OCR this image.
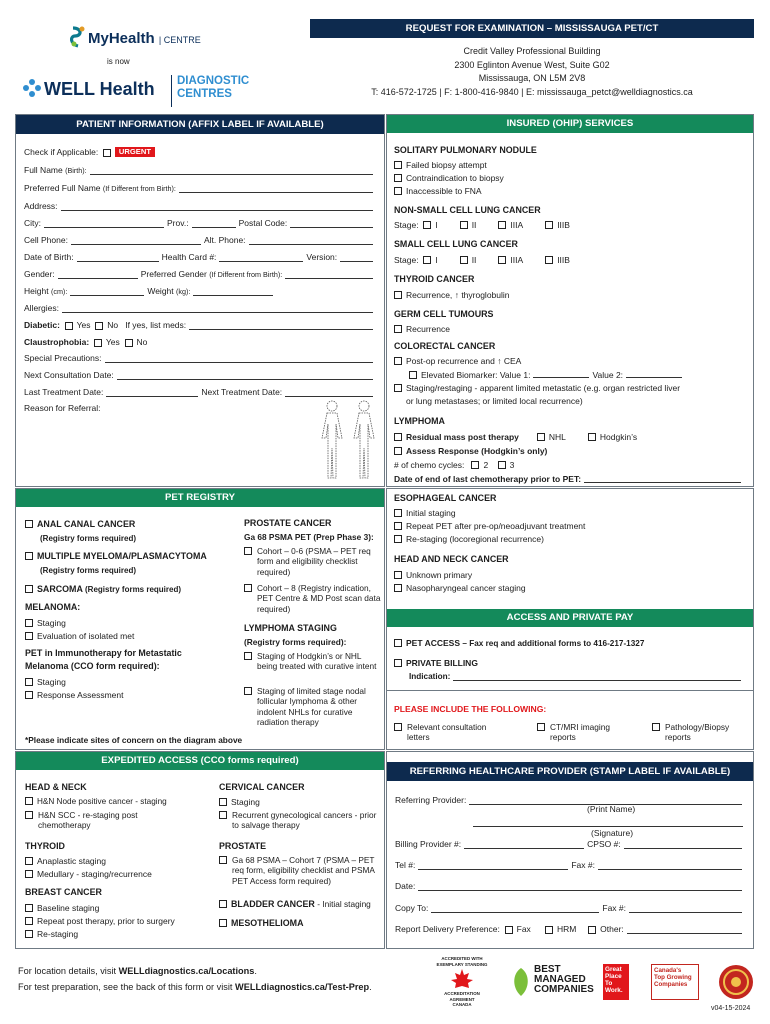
MyHealth | CENTRE
is now
WELL Health DIAGNOSTIC
CENTRES
REQUEST FOR EXAMINATION – MISSISSAUGA PET/CT
Credit Valley Professional Building
2300 Eglinton Avenue West, Suite G02
Mississauga, ON L5M 2V8
T: 416-572-1725 | F: 1-800-416-9840 | E: mississauga_petct@welldiagnostics.ca
PATIENT INFORMATION (AFFIX LABEL IF AVAILABLE)
Check if Applicable:
	URGENT
Full Name
(Birth):
Preferred Full Name
(If Different from Birth):
Address:
City:	Prov.:	Postal Code:
Cell Phone:	Alt. Phone:
Date of Birth:	Health Card #:	Version:
Gender:	Preferred Gender
(If Different from Birth):
Height
(cm):	Weight
(kg):
Allergies:
Diabetic:
Yes
No
If yes, list meds:
Claustrophobia:
Yes
No
Special Precautions:
Next Consultation Date:
Last Treatment Date:	Next Treatment Date:
Reason for Referral:
INSURED (OHIP) SERVICES
SOLITARY PULMONARY NODULE
Failed biopsy attempt
Contraindication to biopsy
Inaccessible to FNA
NON-SMALL CELL LUNG CANCER
Stage: I	II	IIIA	IIIB
SMALL CELL LUNG CANCER
Stage: I	II	IIIA	IIIB
THYROID CANCER
Recurrence, ↑ thyroglobulin
GERM CELL TUMOURS
Recurrence
COLORECTAL CANCER
Post-op recurrence and ↑ CEA
Elevated Biomarker: Value 1:	Value 2:
Staging/restaging - apparent limited metastatic (e.g. organ restricted liver
or lung metastases; or limited local recurrence)
LYMPHOMA
Residual mass post therapy	NHL	Hodgkin’s
Assess Response (Hodgkin’s only)
# of chemo cycles: 2	3
Date of end of last chemotherapy prior to PET:
PET REGISTRY
ANAL CANAL CANCER
(Registry forms required)
MULTIPLE MYELOMA/PLASMACYTOMA
(Registry forms required)
SARCOMA (Registry forms required)
MELANOMA:
Staging
Evaluation of isolated met
PET in Immunotherapy for Metastatic
Melanoma (CCO form required):
Staging
Response Assessment
PROSTATE CANCER
Ga 68 PSMA PET (Prep Phase 3):
Cohort – 0-6 (PSMA – PET req form and eligibility checklist required)
Cohort – 8 (Registry indication, PET Centre & MD Post scan data required)
LYMPHOMA STAGING
(Registry forms required):
Staging of Hodgkin’s or NHL being treated with curative intent
Staging of limited stage nodal follicular lymphoma & other indolent NHLs for curative radiation therapy
*Please indicate sites of concern on the diagram above
ESOPHAGEAL CANCER
Initial staging
Repeat PET after pre-op/neoadjuvant treatment
Re-staging (locoregional recurrence)
HEAD AND NECK CANCER
Unknown primary
Nasopharyngeal cancer staging
ACCESS AND PRIVATE PAY
PET ACCESS – Fax req and additional forms to 416-217-1327
PRIVATE BILLING
Indication:
PLEASE INCLUDE THE FOLLOWING:
Relevant consultation letters
CT/MRI imaging reports
Pathology/Biopsy reports
EXPEDITED ACCESS (CCO forms required)
HEAD & NECK
H&N Node positive cancer - staging
H&N SCC - re-staging post chemotherapy
THYROID
Anaplastic staging
Medullary - staging/recurrence
BREAST CANCER
Baseline staging
Repeat post therapy, prior to surgery
Re-staging
CERVICAL CANCER
Staging
Recurrent gynecological cancers - prior to salvage therapy
PROSTATE
Ga 68 PSMA – Cohort 7 (PSMA – PET req form, eligibility checklist and PSMA PET Access form required)
BLADDER CANCER - Initial staging
MESOTHELIOMA
REFERRING HEALTHCARE PROVIDER (STAMP LABEL IF AVAILABLE)
Referring Provider:
(Print Name)
(Signature)
Billing Provider #:	CPSO #:
Tel #:	Fax #:
Date:
Copy To:	Fax #:
Report Delivery Preference:
Fax
	HRM
	Other:
For location details, visit WELLdiagnostics.ca/Locations.
For test preparation, see the back of this form or visit WELLdiagnostics.ca/Test-Prep.
ACCREDITED WITH
EXEMPLARY STANDING
ACCREDITATION
AGREMENT
CANADA
BEST
MANAGED
COMPANIES
Great Place To Work.
Canada's
Top Growing
Companies
v04-15-2024
